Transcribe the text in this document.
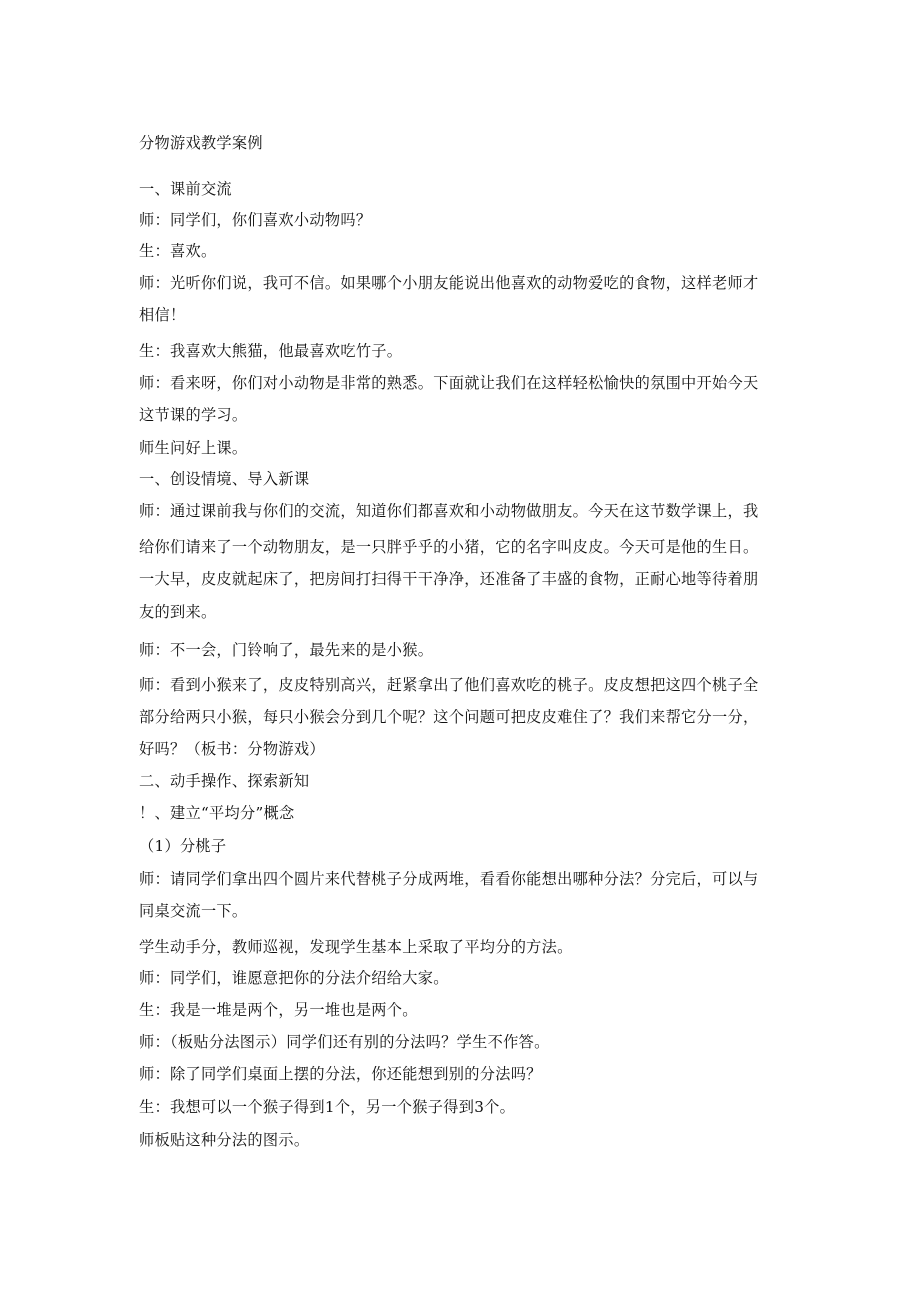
分物游戏教学案例
一、课前交流
师：同学们，你们喜欢小动物吗？
生：喜欢。
师：光听你们说，我可不信。如果哪个小朋友能说出他喜欢的动物爱吃的食物，这样老师才
相信！
生：我喜欢大熊猫，他最喜欢吃竹子。
师：看来呀，你们对小动物是非常的熟悉。下面就让我们在这样轻松愉快的氛围中开始今天
这节课的学习。
师生问好上课。
一、创设情境、导入新课
师：通过课前我与你们的交流，知道你们都喜欢和小动物做朋友。今天在这节数学课上，我
给你们请来了一个动物朋友，是一只胖乎乎的小猪，它的名字叫皮皮。今天可是他的生日。
一大早，皮皮就起床了，把房间打扫得干干净净，还准备了丰盛的食物，正耐心地等待着朋
友的到来。
师：不一会，门铃响了，最先来的是小猴。
师：看到小猴来了，皮皮特别高兴，赶紧拿出了他们喜欢吃的桃子。皮皮想把这四个桃子全
部分给两只小猴，每只小猴会分到几个呢？这个问题可把皮皮难住了？我们来帮它分一分，
好吗？（板书：分物游戏）
二、动手操作、探索新知
！、建立“平均分”概念
（1）分桃子
师：请同学们拿出四个圆片来代替桃子分成两堆，看看你能想出哪种分法？分完后，可以与
同桌交流一下。
学生动手分，教师巡视，发现学生基本上采取了平均分的方法。
师：同学们，谁愿意把你的分法介绍给大家。
生：我是一堆是两个，另一堆也是两个。
师：（板贴分法图示）同学们还有别的分法吗？学生不作答。
师：除了同学们桌面上摆的分法，你还能想到别的分法吗？
生：我想可以一个猴子得到1个，另一个猴子得到3个。
师板贴这种分法的图示。
